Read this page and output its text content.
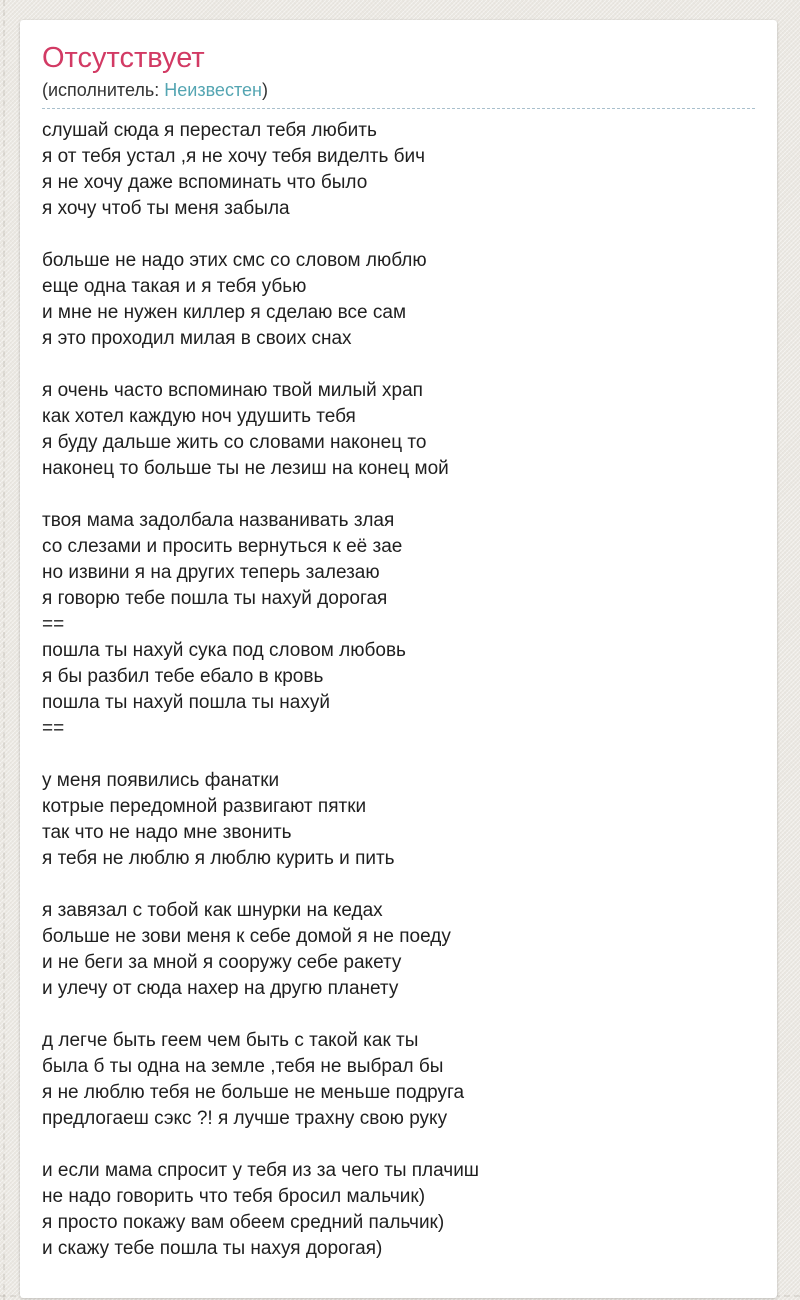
Отсутствует
(исполнитель: Неизвестен)
слушай сюда я перестал тебя любить
я от тебя устал ,я не хочу тебя виделть бич
я не хочу даже вспоминать что было
я хочу чтоб ты меня забыла
больше не надо этих смс со словом люблю
еще одна такая и я тебя убью
и мне не нужен киллер я сделаю все сам
я это проходил милая в своих снах
я очень часто вспоминаю твой милый храп
как хотел каждую ноч удушить тебя
я буду дальше жить со словами наконец то
наконец то больше ты не лезиш на конец мой
твоя мама задолбала названивать злая
со слезами и просить вернуться к её зае
но извини я на других теперь залезаю
я говорю тебе пошла ты нахуй дорогая
==
пошла ты нахуй сука под словом любовь
я бы разбил тебе ебало в кровь
пошла ты нахуй пошла ты нахуй
==
у меня появились фанатки
котрые передомной развигают пятки
так что не надо мне звонить
я тебя не люблю я люблю курить и пить
я завязал с тобой как шнурки на кедах
больше не зови меня к себе домой я не поеду
и не беги за мной я сооружу себе ракету
и улечу от сюда нахер на другю планету
д легче быть геем чем быть с такой как ты
была б ты одна на земле ,тебя не выбрал бы
я не люблю тебя не больше не меньше подруга
предлогаеш сэкс ?! я лучше трахну свою руку
и если мама спросит у тебя из за чего ты плачиш
не надо говорить что тебя бросил мальчик)
я просто покажу вам обеем средний пальчик)
и скажу тебе пошла ты нахуя дорогая)
